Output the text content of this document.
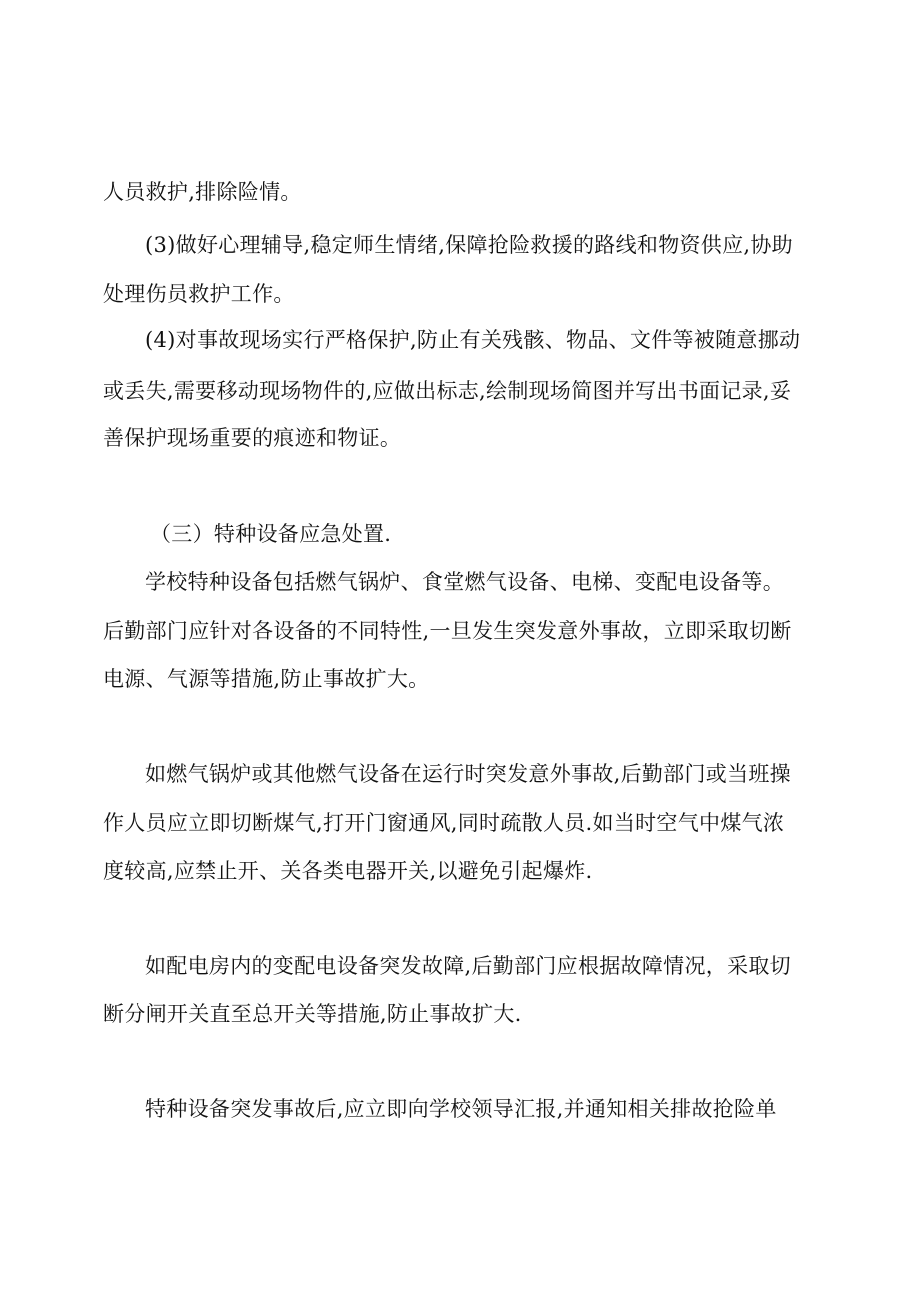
人员救护,排除险情。
(3)做好心理辅导,稳定师生情绪,保障抢险救援的路线和物资供应,协助
处理伤员救护工作。
(4)对事故现场实行严格保护,防止有关残骸、物品、文件等被随意挪动
或丢失,需要移动现场物件的,应做出标志,绘制现场简图并写出书面记录,妥
善保护现场重要的痕迹和物证。
（三）特种设备应急处置.
学校特种设备包括燃气锅炉、食堂燃气设备、电梯、变配电设备等。
后勤部门应针对各设备的不同特性,一旦发生突发意外事故，立即采取切断
电源、气源等措施,防止事故扩大。
如燃气锅炉或其他燃气设备在运行时突发意外事故,后勤部门或当班操
作人员应立即切断煤气,打开门窗通风,同时疏散人员.如当时空气中煤气浓
度较高,应禁止开、关各类电器开关,以避免引起爆炸.
如配电房内的变配电设备突发故障,后勤部门应根据故障情况，采取切
断分闸开关直至总开关等措施,防止事故扩大.
特种设备突发事故后,应立即向学校领导汇报,并通知相关排故抢险单
